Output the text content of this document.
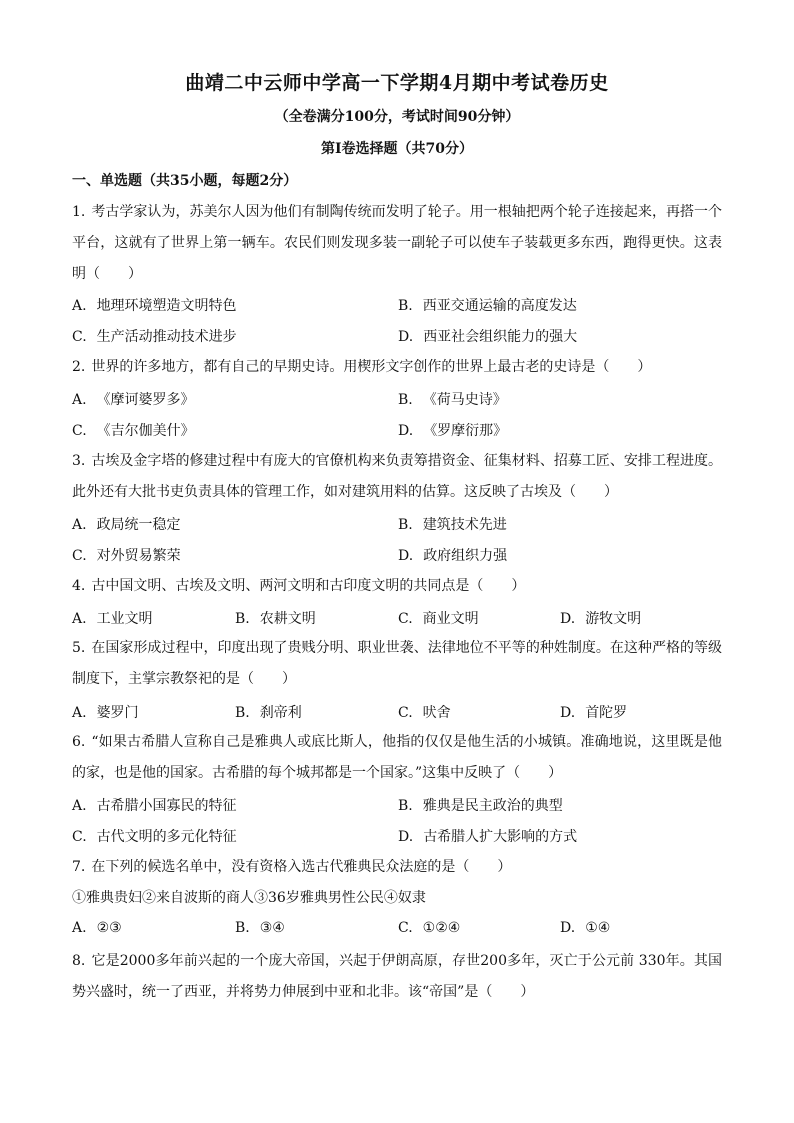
曲靖二中云师中学高一下学期4月期中考试卷历史
（全卷满分100分，考试时间90分钟）
第Ⅰ卷选择题（共70分）
一、单选题（共35小题，每题2分）
1. 考古学家认为，苏美尔人因为他们有制陶传统而发明了轮子。用一根轴把两个轮子连接起来，再搭一个平台，这就有了世界上第一辆车。农民们则发现多装一副轮子可以使车子装载更多东西，跑得更快。这表明（　　）
A. 地理环境塑造文明特色	B. 西亚交通运输的高度发达
C. 生产活动推动技术进步	D. 西亚社会组织能力的强大
2. 世界的许多地方，都有自己的早期史诗。用楔形文字创作的世界上最古老的史诗是（　　）
A. 《摩诃婆罗多》	B. 《荷马史诗》
C. 《吉尔伽美什》	D. 《罗摩衍那》
3. 古埃及金字塔的修建过程中有庞大的官僚机构来负责筹措资金、征集材料、招募工匠、安排工程进度。此外还有大批书吏负责具体的管理工作，如对建筑用料的估算。这反映了古埃及（　　）
A. 政局统一稳定	B. 建筑技术先进
C. 对外贸易繁荣	D. 政府组织力强
4. 古中国文明、古埃及文明、两河文明和古印度文明的共同点是（　　）
A. 工业文明	B. 农耕文明	C. 商业文明	D. 游牧文明
5. 在国家形成过程中，印度出现了贵贱分明、职业世袭、法律地位不平等的种姓制度。在这种严格的等级制度下，主掌宗教祭祀的是（　　）
A. 婆罗门	B. 刹帝利	C. 吠舍	D. 首陀罗
6. “如果古希腊人宣称自己是雅典人或底比斯人，他指的仅仅是他生活的小城镇。准确地说，这里既是他的家，也是他的国家。古希腊的每个城邦都是一个国家。”这集中反映了（　　）
A. 古希腊小国寡民的特征	B. 雅典是民主政治的典型
C. 古代文明的多元化特征	D. 古希腊人扩大影响的方式
7. 在下列的候选名单中，没有资格入选古代雅典民众法庭的是（　　）
①雅典贵妇②来自波斯的商人③36岁雅典男性公民④奴隶
A. ②③	B. ③④	C. ①②④	D. ①④
8. 它是2000多年前兴起的一个庞大帝国，兴起于伊朗高原，存世200多年，灭亡于公元前 330年。其国势兴盛时，统一了西亚，并将势力伸展到中亚和北非。该“帝国”是（　　）
